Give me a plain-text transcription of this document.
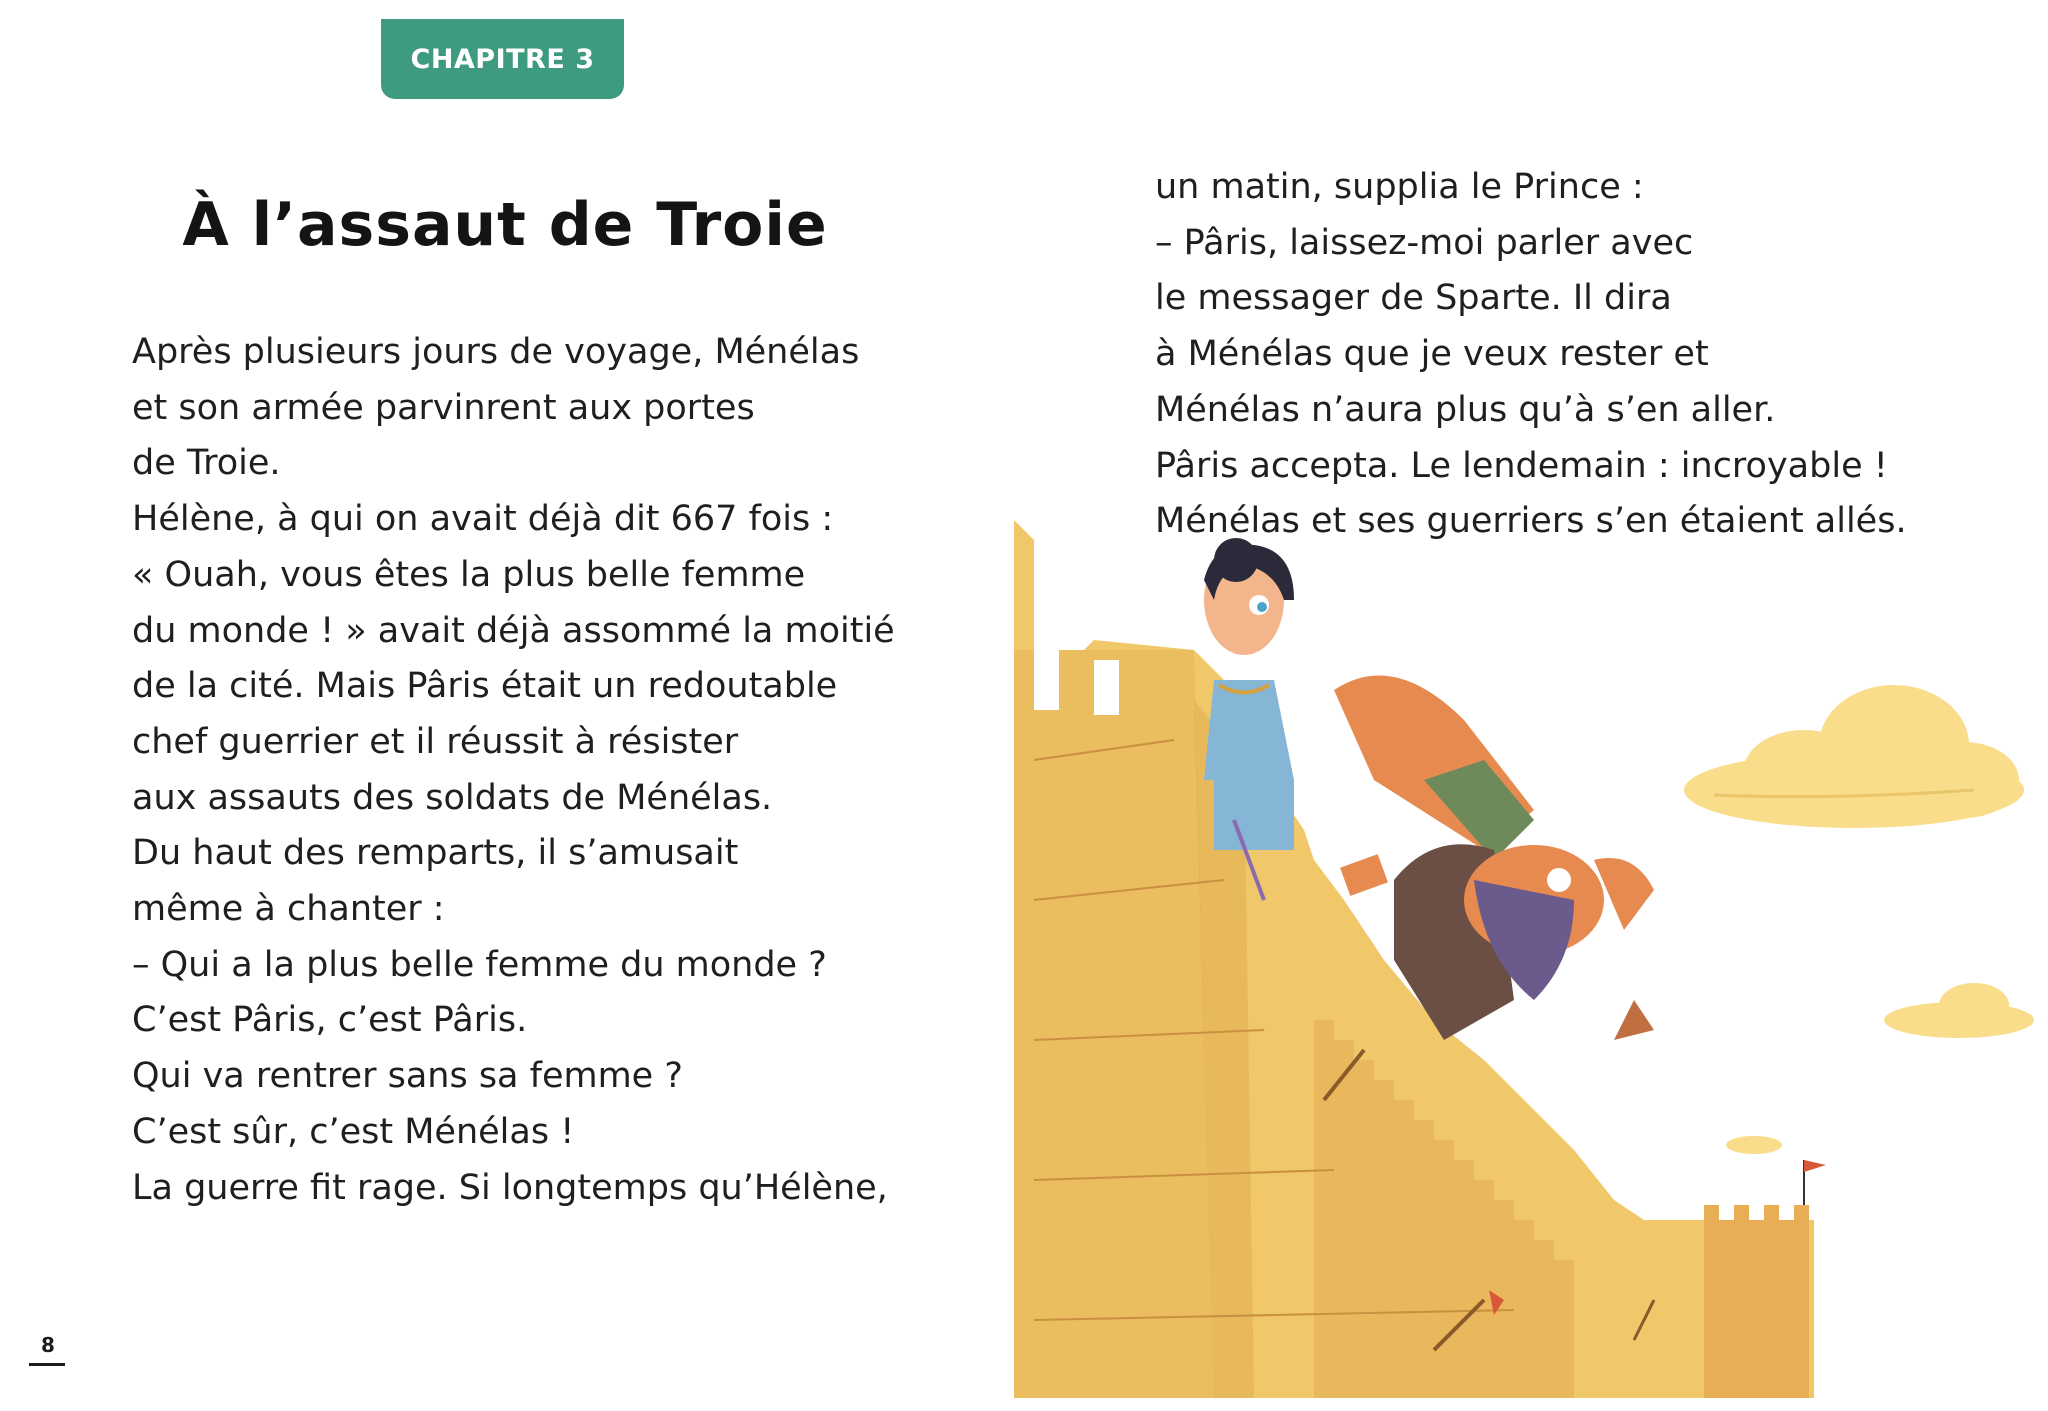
CHAPITRE 3
À l’assaut de Troie
Après plusieurs jours de voyage, Ménélas
et son armée parvinrent aux portes
de Troie.
Hélène, à qui on avait déjà dit 667 fois :
« Ouah, vous êtes la plus belle femme
du monde ! » avait déjà assommé la moitié
de la cité. Mais Pâris était un redoutable
chef guerrier et il réussit à résister
aux assauts des soldats de Ménélas.
Du haut des remparts, il s’amusait
même à chanter :
– Qui a la plus belle femme du monde ?
C’est Pâris, c’est Pâris.
Qui va rentrer sans sa femme ?
C’est sûr, c’est Ménélas !
La guerre fit rage. Si longtemps qu’Hélène,
8
un matin, supplia le Prince :
– Pâris, laissez-moi parler avec
le messager de Sparte. Il dira
à Ménélas que je veux rester et
Ménélas n’aura plus qu’à s’en aller.
Pâris accepta. Le lendemain : incroyable !
Ménélas et ses guerriers s’en étaient allés.
